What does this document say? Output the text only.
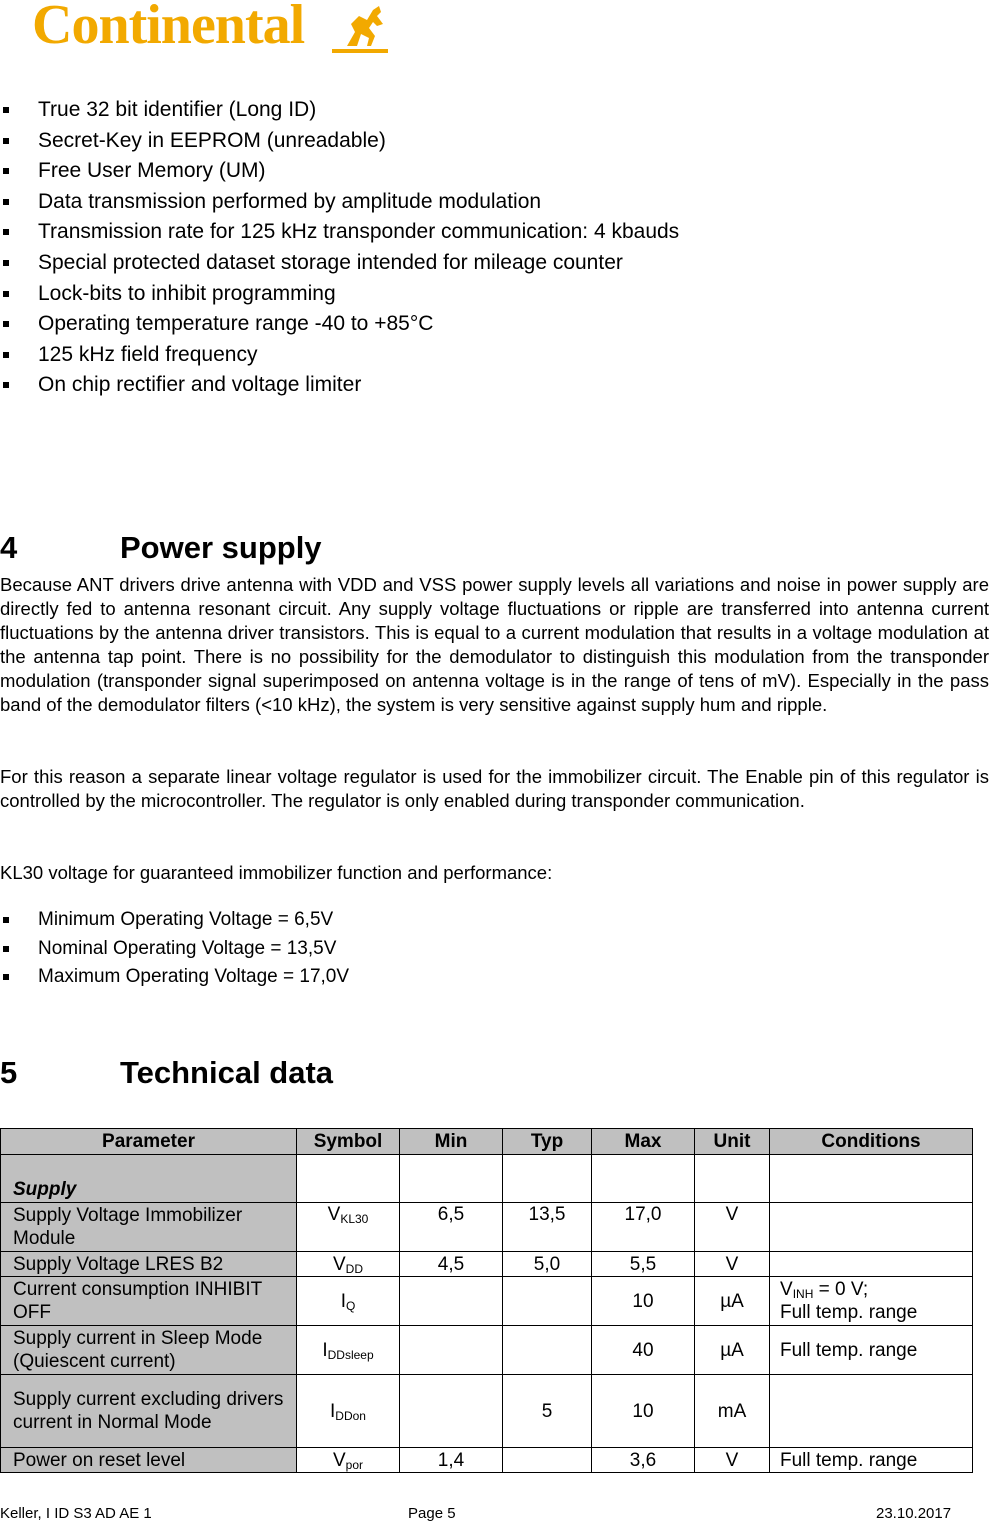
Continental
True 32 bit identifier (Long ID)
Secret-Key in EEPROM (unreadable)
Free User Memory (UM)
Data transmission performed by amplitude modulation
Transmission rate for 125 kHz transponder communication: 4 kbauds
Special protected dataset storage intended for mileage counter
Lock-bits to inhibit programming
Operating temperature range -40 to +85°C
125 kHz field frequency
On chip rectifier and voltage limiter
4	Power supply

Because ANT drivers drive antenna with VDD and VSS power supply levels all variations and noise in power supply are directly fed to antenna resonant circuit. Any supply voltage fluctuations or ripple are transferred into antenna current fluctuations by the antenna driver transistors. This is equal to a current modulation that results in a voltage modulation at the antenna tap point. There is no possibility for the demodulator to distinguish this modulation from the transponder modulation (transponder signal superimposed on antenna voltage is in the range of tens of mV). Especially in the pass band of the demodulator filters (<10 kHz), the system is very sensitive against supply hum and ripple.

For this reason a separate linear voltage regulator is used for the immobilizer circuit. The Enable pin of this regulator is controlled by the microcontroller. The regulator is only enabled during transponder communication.

KL30 voltage for guaranteed immobilizer function and performance:

Minimum Operating Voltage = 6,5V
Nominal Operating Voltage = 13,5V
Maximum Operating Voltage = 17,0V
5	Technical data
Parameter	Symbol	Min	Typ	Max	Unit	Conditions

Supply						

Supply Voltage Immobilizer Module	$V_{KL30}$	6,5	13,5	17,0	V	
Supply Voltage LRES B2	$V_{DD}$	4,5	5,0	5,5	V	
Current consumption INHIBIT OFF	$I_Q$			10	µA	$V_{INH} = 0$ V;
Full temp. range
Supply current in Sleep Mode (Quiescent current)	$I_{DDsleep}$			40	µA	Full temp. range
Supply current excluding drivers current in Normal Mode	$I_{DDon}$		5	10	mA	
Power on reset level	$V_{por}$	1,4		3,6	V	Full temp. range
Keller, I ID S3 AD AE 1	Page 5	23.10.2017
